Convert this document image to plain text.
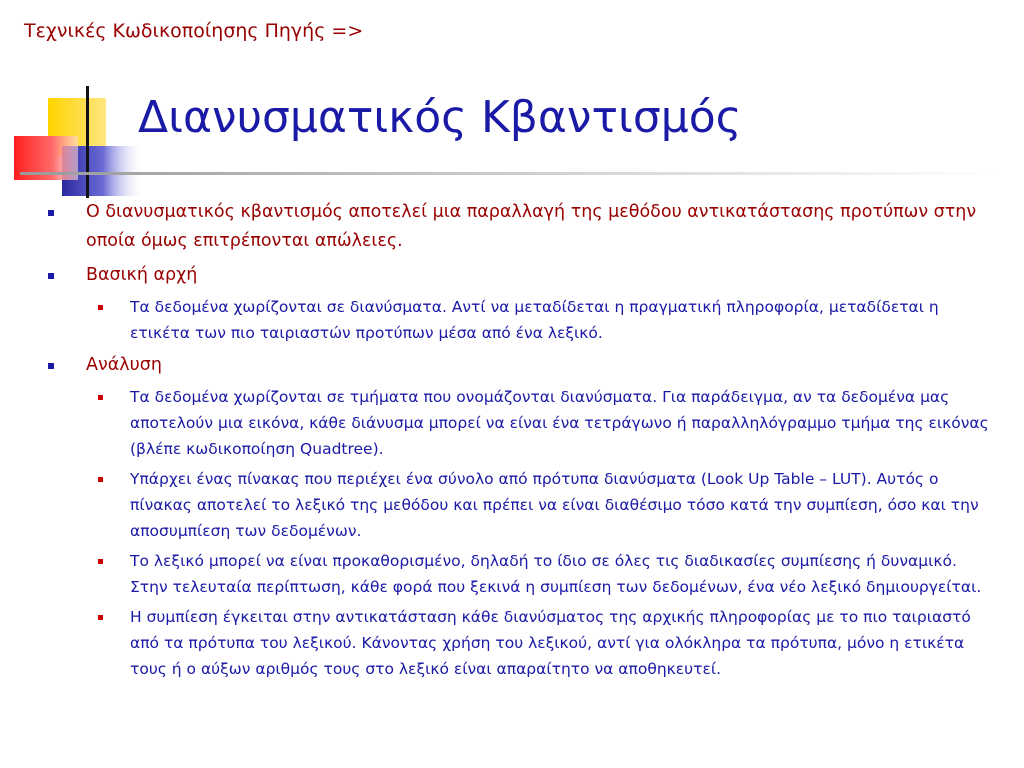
Τεχνικές Κωδικοποίησης Πηγής =>
Διανυσματικός Κβαντισμός
Ο διανυσματικός κβαντισμός αποτελεί μια παραλλαγή της μεθόδου αντικατάστασης προτύπων στην οποία όμως επιτρέπονται απώλειες.
Βασική αρχή
Τα δεδομένα χωρίζονται σε διανύσματα. Αντί να μεταδίδεται η πραγματική πληροφορία, μεταδίδεται η ετικέτα των πιο ταιριαστών προτύπων μέσα από ένα λεξικό.
Ανάλυση
Τα δεδομένα χωρίζονται σε τμήματα που ονομάζονται διανύσματα. Για παράδειγμα, αν τα δεδομένα μας αποτελούν μια εικόνα, κάθε διάνυσμα μπορεί να είναι ένα τετράγωνο ή παραλληλόγραμμο τμήμα της εικόνας (βλέπε κωδικοποίηση Quadtree).
Υπάρχει ένας πίνακας που περιέχει ένα σύνολο από πρότυπα διανύσματα (Look Up Table – LUT). Αυτός ο πίνακας αποτελεί το λεξικό της μεθόδου και πρέπει να είναι διαθέσιμο τόσο κατά την συμπίεση, όσο και την αποσυμπίεση των δεδομένων.
Το λεξικό μπορεί να είναι προκαθορισμένο, δηλαδή το ίδιο σε όλες τις διαδικασίες συμπίεσης ή δυναμικό. Στην τελευταία περίπτωση, κάθε φορά που ξεκινά η συμπίεση των δεδομένων, ένα νέο λεξικό δημιουργείται.
Η συμπίεση έγκειται στην αντικατάσταση κάθε διανύσματος της αρχικής πληροφορίας με το πιο ταιριαστό από τα πρότυπα του λεξικού. Κάνοντας χρήση του λεξικού, αντί για ολόκληρα τα πρότυπα, μόνο η ετικέτα τους ή ο αύξων αριθμός τους στο λεξικό είναι απαραίτητο να αποθηκευτεί.
